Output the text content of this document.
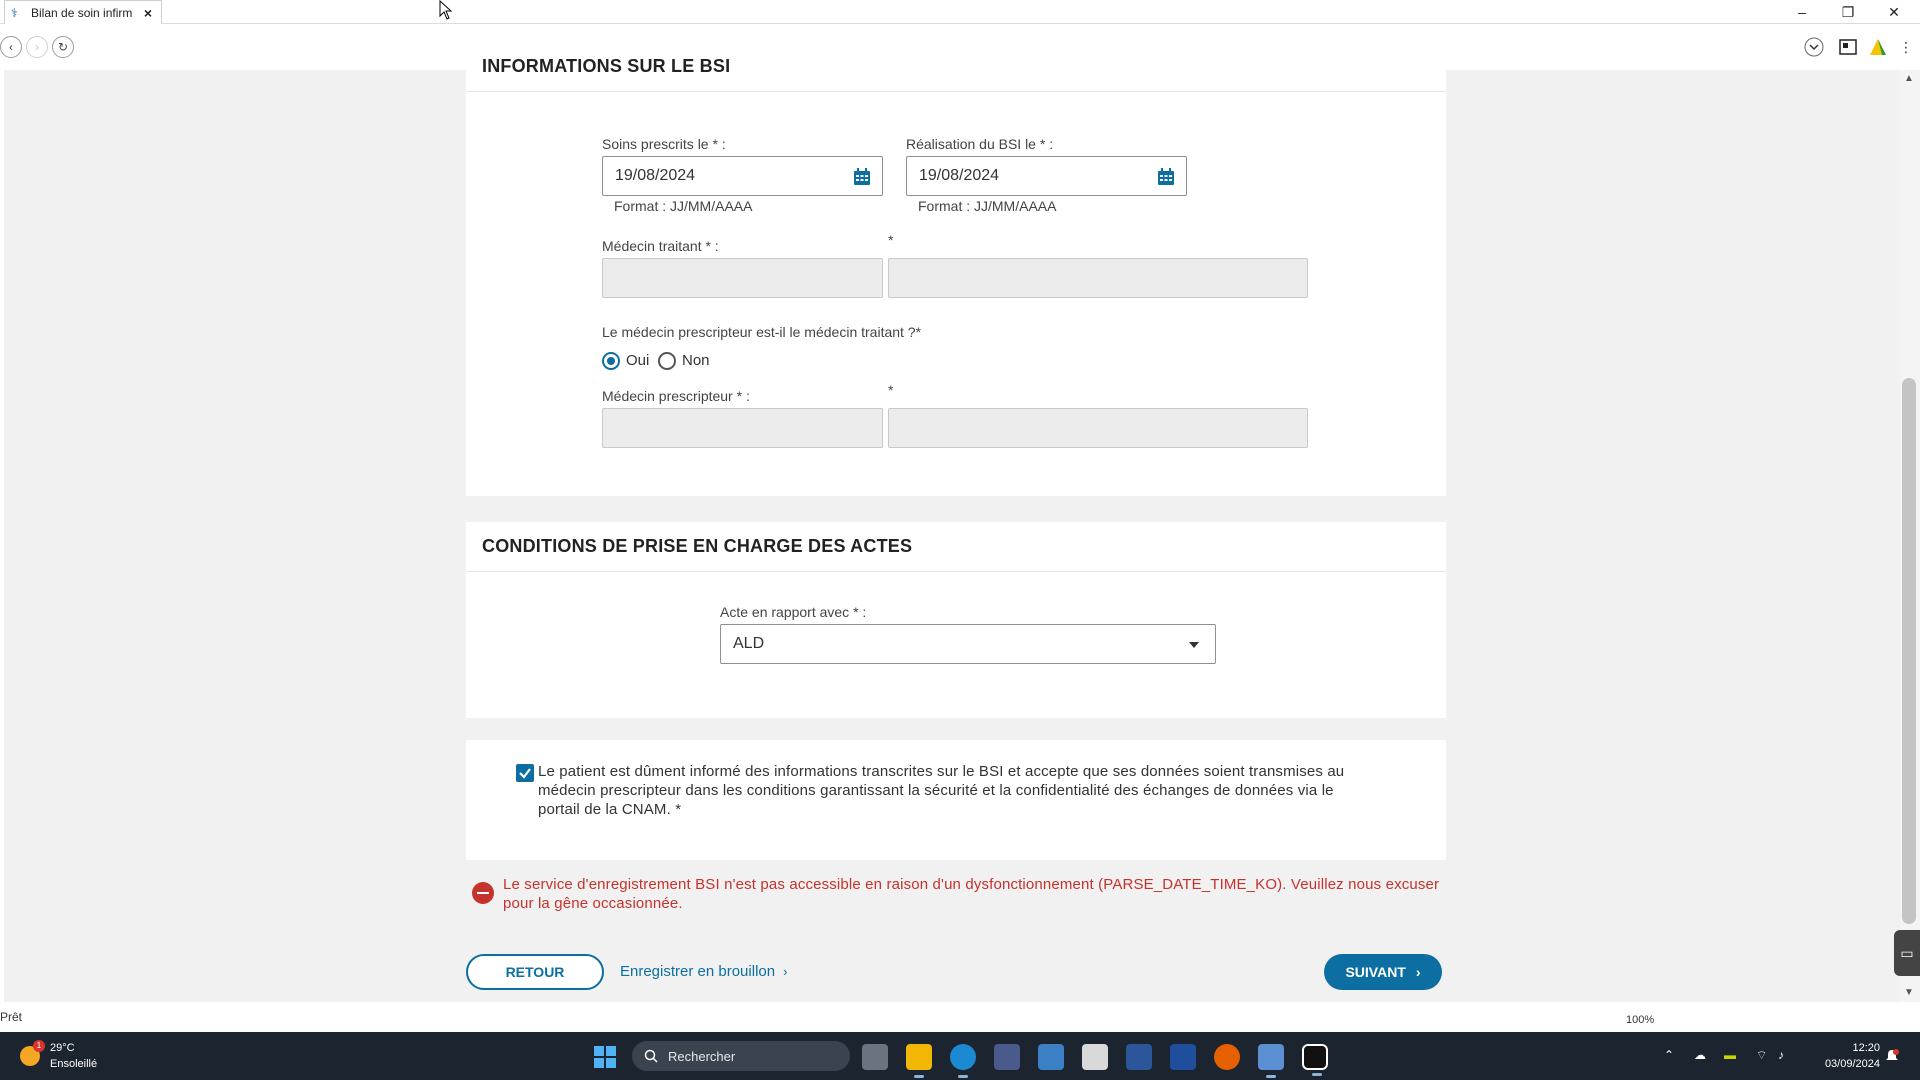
⚕	Bilan de soin infirm ×	–	❐	✕
‹	›	↻	⋮
INFORMATIONS SUR LE BSI
Soins prescrits le * :
19/08/2024
Format : JJ/MM/AAAA
Réalisation du BSI le * :
19/08/2024
Format : JJ/MM/AAAA
Médecin traitant * :	*
Le médecin prescripteur est-il le médecin traitant ?*
Oui Non
Médecin prescripteur * :	*
CONDITIONS DE PRISE EN CHARGE DES ACTES
Acte en rapport avec * :
ALD
Le patient est dûment informé des informations transcrites sur le BSI et accepte que ses données soient transmises au
médecin prescripteur dans les conditions garantissant la sécurité et la confidentialité des échanges de données via le
portail de la CNAM. *
Le service d'enregistrement BSI n'est pas accessible en raison d'un dysfonctionnement (PARSE_DATE_TIME_KO). Veuillez nous excuser
pour la gêne occasionnée.
RETOUR	Enregistrer en brouillon ›	SUIVANT ›
▲
▼
▭
Prêt	100%
1 29°C
Ensoleillé
Rechercher	⌃ ☁ ▬ ⌔ ♪	12:20
03/09/2024
